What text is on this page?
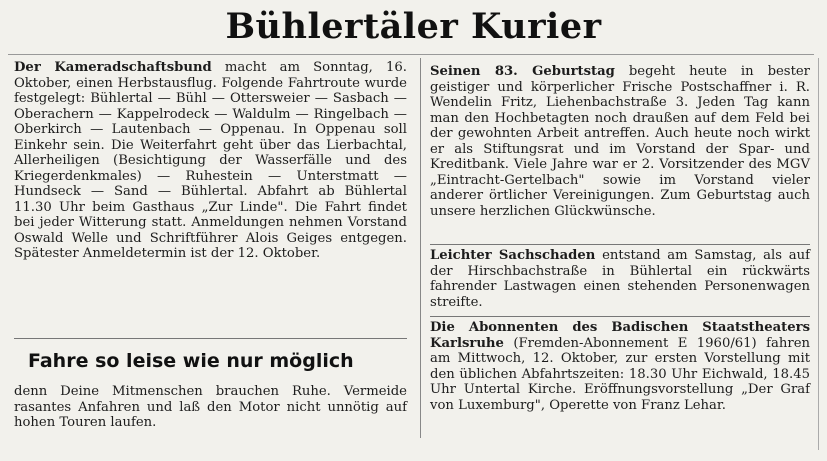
Bühlertäler Kurier
Der Kameradschaftsbund macht am Sonntag, 16. Oktober, einen Herbstausflug. Folgende Fahrtroute wurde festgelegt: Bühlertal — Bühl — Ottersweier — Sasbach — Oberachern — Kappelrodeck — Waldulm — Ringelbach — Oberkirch — Lautenbach — Oppenau. In Oppenau soll Einkehr sein. Die Weiterfahrt geht über das Lierbachtal, Allerheiligen (Besichtigung der Wasserfälle und des Kriegerdenkmales) — Ruhestein — Unterstmatt — Hundseck — Sand — Bühlertal. Abfahrt ab Bühlertal 11.30 Uhr beim Gasthaus „Zur Linde". Die Fahrt findet bei jeder Witterung statt. Anmeldungen nehmen Vorstand Oswald Welle und Schriftführer Alois Geiges entgegen. Spätester Anmeldetermin ist der 12. Oktober.
Fahre so leise wie nur möglich
denn Deine Mitmenschen brauchen Ruhe. Vermeide rasantes Anfahren und laß den Motor nicht unnötig auf hohen Touren laufen.
Seinen 83. Geburtstag begeht heute in bester geistiger und körperlicher Frische Postschaffner i. R. Wendelin Fritz, Liehenbachstraße 3. Jeden Tag kann man den Hochbetagten noch draußen auf dem Feld bei der gewohnten Arbeit antreffen. Auch heute noch wirkt er als Stiftungsrat und im Vorstand der Spar- und Kreditbank. Viele Jahre war er 2. Vorsitzender des MGV „Eintracht-Gertelbach" sowie im Vorstand vieler anderer örtlicher Vereinigungen. Zum Geburtstag auch unsere herzlichen Glückwünsche.
Leichter Sachschaden entstand am Samstag, als auf der Hirschbachstraße in Bühlertal ein rückwärts fahrender Lastwagen einen stehenden Personenwagen streifte.
Die Abonnenten des Badischen Staatstheaters Karlsruhe (Fremden-Abonnement E 1960/61) fahren am Mittwoch, 12. Oktober, zur ersten Vorstellung mit den üblichen Abfahrtszeiten: 18.30 Uhr Eichwald, 18.45 Uhr Untertal Kirche. Eröffnungsvorstellung „Der Graf von Luxemburg", Operette von Franz Lehar.
